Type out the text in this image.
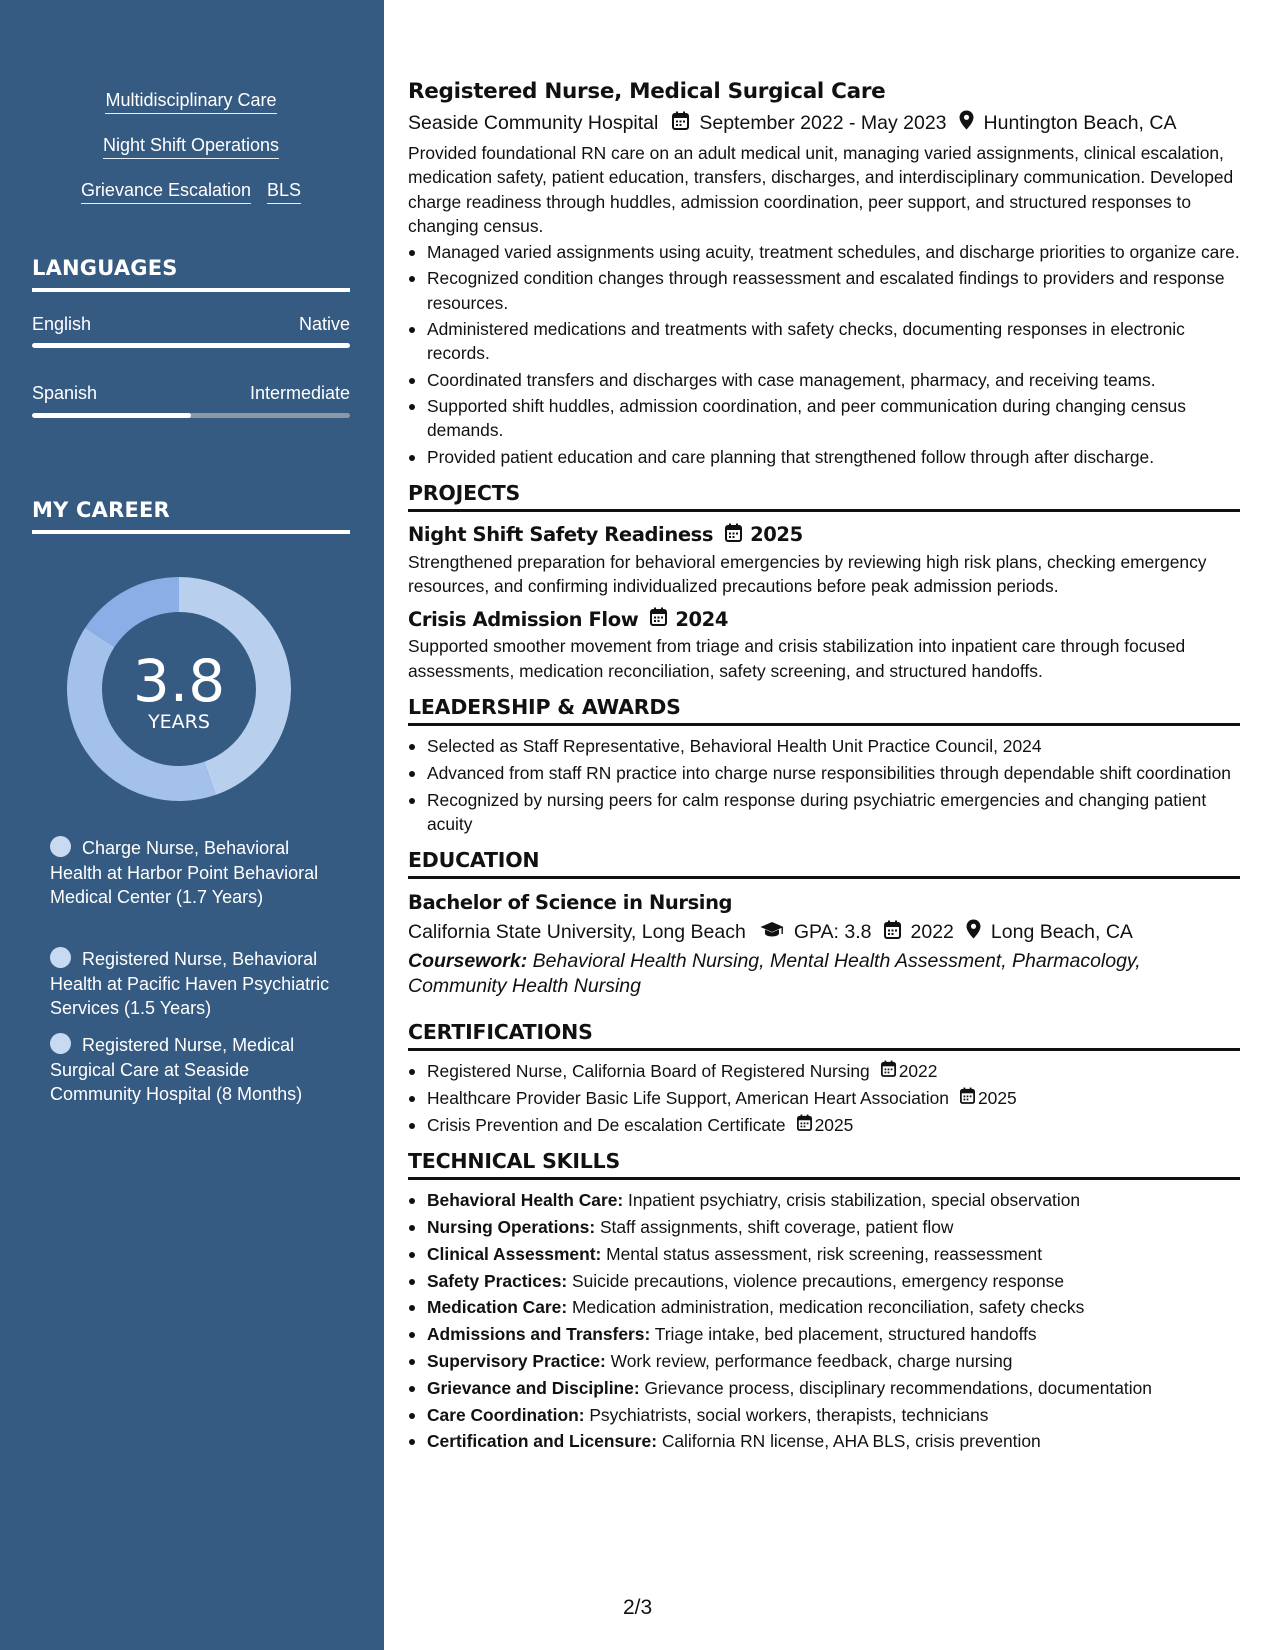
Multidisciplinary Care
Night Shift Operations
Grievance Escalation BLS
LANGUAGES
English	Native
Spanish	Intermediate
MY CAREER
3.8
YEARS
Charge Nurse, Behavioral Health at Harbor Point Behavioral Medical Center (1.7 Years)
Registered Nurse, Behavioral Health at Pacific Haven Psychiatric Services (1.5 Years)
Registered Nurse, Medical Surgical Care at Seaside Community Hospital (8 Months)
Registered Nurse, Medical Surgical Care
Seaside Community Hospital September 2022 - May 2023 Huntington Beach, CA
Provided foundational RN care on an adult medical unit, managing varied assignments, clinical escalation, medication safety, patient education, transfers, discharges, and interdisciplinary communication. Developed charge readiness through huddles, admission coordination, peer support, and structured responses to changing census.
Managed varied assignments using acuity, treatment schedules, and discharge priorities to organize care.
Recognized condition changes through reassessment and escalated findings to providers and response resources.
Administered medications and treatments with safety checks, documenting responses in electronic records.
Coordinated transfers and discharges with case management, pharmacy, and receiving teams.
Supported shift huddles, admission coordination, and peer communication during changing census demands.
Provided patient education and care planning that strengthened follow through after discharge.
PROJECTS
Night Shift Safety Readiness 2025
Strengthened preparation for behavioral emergencies by reviewing high risk plans, checking emergency resources, and confirming individualized precautions before peak admission periods.
Crisis Admission Flow 2024
Supported smoother movement from triage and crisis stabilization into inpatient care through focused assessments, medication reconciliation, safety screening, and structured handoffs.
LEADERSHIP & AWARDS
Selected as Staff Representative, Behavioral Health Unit Practice Council, 2024
Advanced from staff RN practice into charge nurse responsibilities through dependable shift coordination
Recognized by nursing peers for calm response during psychiatric emergencies and changing patient acuity
EDUCATION
Bachelor of Science in Nursing
California State University, Long Beach GPA: 3.8 2022 Long Beach, CA
Coursework: Behavioral Health Nursing, Mental Health Assessment, Pharmacology, Community Health Nursing
CERTIFICATIONS
Registered Nurse, California Board of Registered Nursing 2022
Healthcare Provider Basic Life Support, American Heart Association 2025
Crisis Prevention and De escalation Certificate 2025
TECHNICAL SKILLS
Behavioral Health Care: Inpatient psychiatry, crisis stabilization, special observation
Nursing Operations: Staff assignments, shift coverage, patient flow
Clinical Assessment: Mental status assessment, risk screening, reassessment
Safety Practices: Suicide precautions, violence precautions, emergency response
Medication Care: Medication administration, medication reconciliation, safety checks
Admissions and Transfers: Triage intake, bed placement, structured handoffs
Supervisory Practice: Work review, performance feedback, charge nursing
Grievance and Discipline: Grievance process, disciplinary recommendations, documentation
Care Coordination: Psychiatrists, social workers, therapists, technicians
Certification and Licensure: California RN license, AHA BLS, crisis prevention
2/3
